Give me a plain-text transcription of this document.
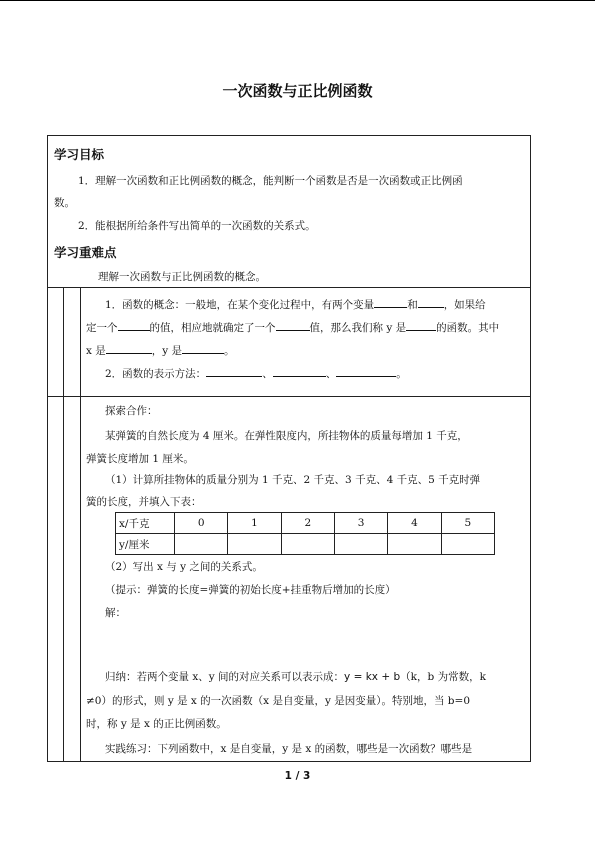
一次函数与正比例函数
学习目标
1．理解一次函数和正比例函数的概念，能判断一个函数是否是一次函数或正比例函
数。
2．能根据所给条件写出简单的一次函数的关系式。
学习重难点
理解一次函数与正比例函数的概念。
1．函数的概念：一般地，在某个变化过程中，有两个变量	和 ，如果给
定一个	的值，相应地就确定了一个	值，那么我们称 y 是	的函数。其中
x 是	，y 是	。
2．函数的表示方法：	、	、	。
探索合作：
某弹簧的自然长度为 4 厘米。在弹性限度内，所挂物体的质量每增加 1 千克，
弹簧长度增加 1 厘米。
（1）计算所挂物体的质量分别为 1 千克、2 千克、3 千克、4 千克、5 千克时弹
簧的长度，并填入下表：
x/千克	0	1	2	3	4	5
y/厘米						
（2）写出 x 与 y 之间的关系式。
（提示：弹簧的长度=弹簧的初始长度+挂重物后增加的长度）
解：
归纳：若两个变量 x、y 间的对应关系可以表示成：y = kx + b（k，b 为常数，k
≠0）的形式，则 y 是 x 的一次函数（x 是自变量，y 是因变量）。特别地，当 b=0
时，称 y 是 x 的正比例函数。
实践练习：下列函数中，x 是自变量，y 是 x 的函数，哪些是一次函数？哪些是
1 / 3
